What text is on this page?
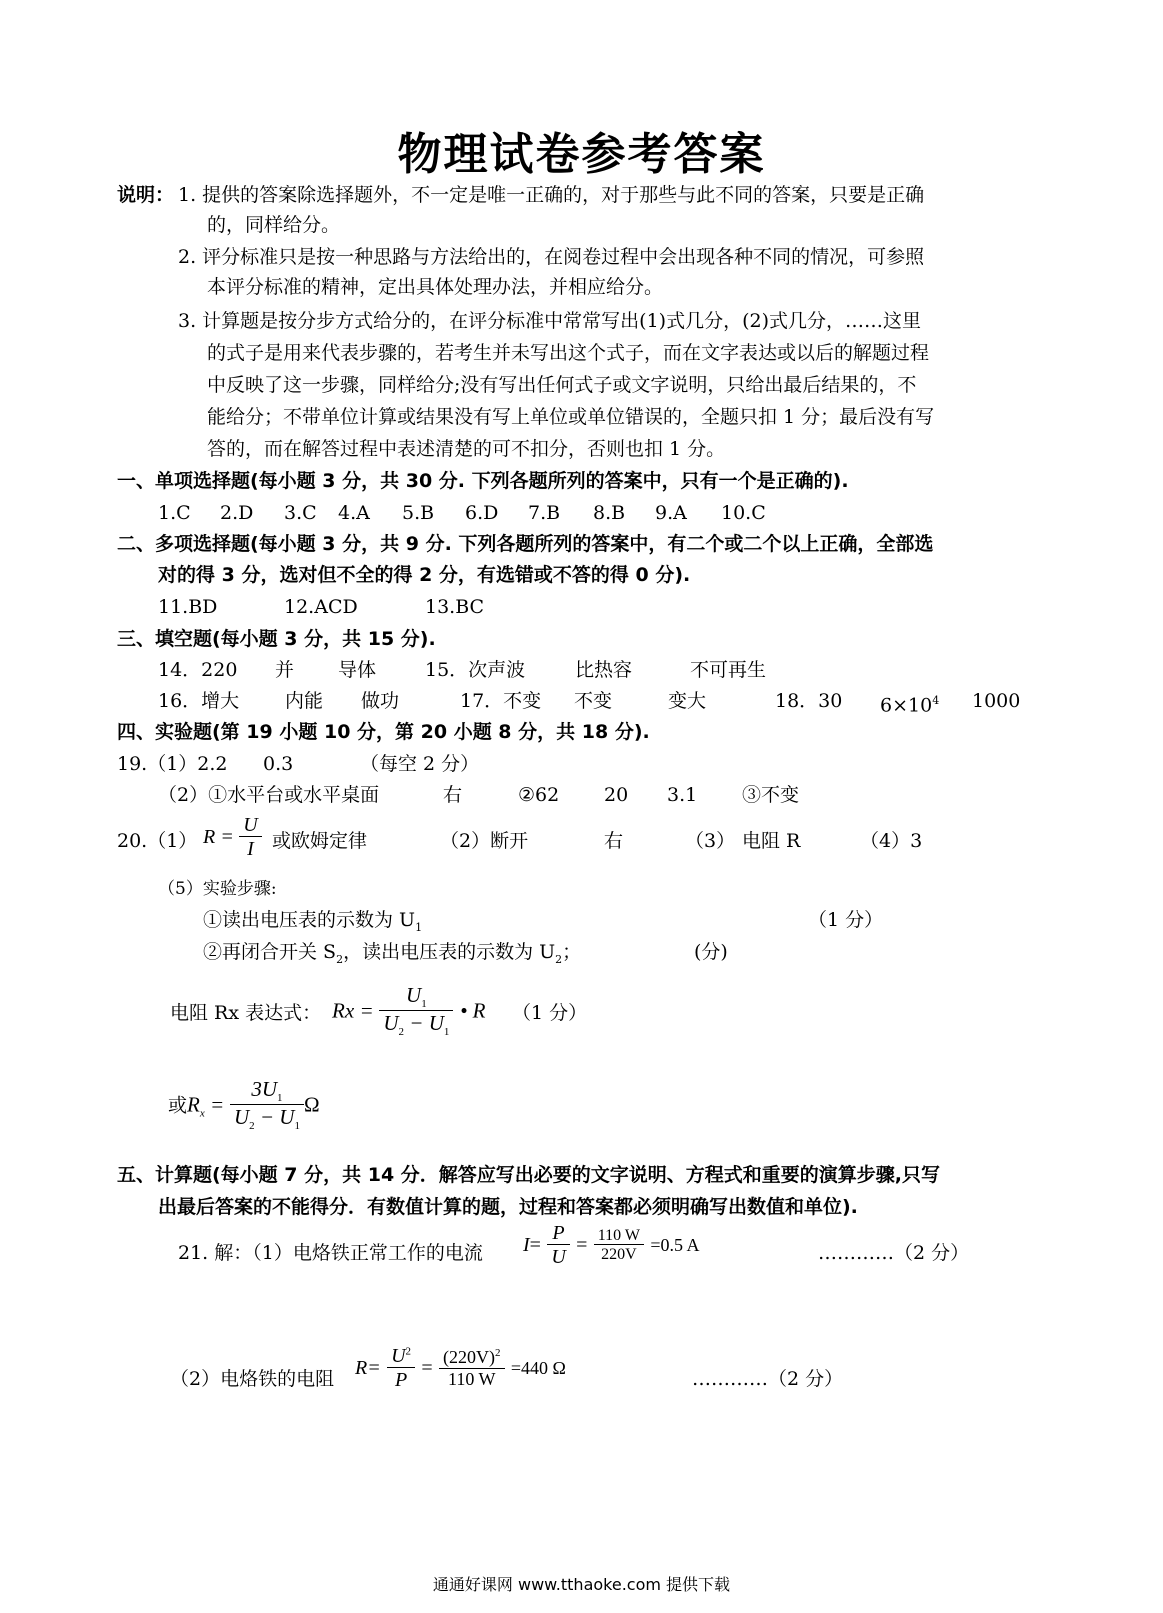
物理试卷参考答案
说明： 1. 提供的答案除选择题外，不一定是唯一正确的，对于那些与此不同的答案，只要是正确
的，同样给分。
2. 评分标准只是按一种思路与方法给出的，在阅卷过程中会出现各种不同的情况，可参照
本评分标准的精神，定出具体处理办法，并相应给分。
3. 计算题是按分步方式给分的，在评分标准中常常写出(1)式几分，(2)式几分，……这里
的式子是用来代表步骤的，若考生并未写出这个式子，而在文字表达或以后的解题过程
中反映了这一步骤，同样给分;没有写出任何式子或文字说明，只给出最后结果的，不
能给分；不带单位计算或结果没有写上单位或单位错误的，全题只扣 1 分；最后没有写
答的，而在解答过程中表述清楚的可不扣分，否则也扣 1 分。
一、单项选择题(每小题 3 分，共 30 分. 下列各题所列的答案中，只有一个是正确的).
1.C 2.D 3.C 4.A 5.B 6.D 7.B 8.B 9.A 10.C
二、多项选择题(每小题 3 分，共 9 分. 下列各题所列的答案中，有二个或二个以上正确，全部选
对的得 3 分，选对但不全的得 2 分，有选错或不答的得 0 分).
11.BD	12.ACD	13.BC
三、填空题(每小题 3 分，共 15 分).
14．220 并 导体	15．次声波	比热容	不可再生
16．增大 内能 做功	17．不变 不变	变大	18．30 $6\times 10^4$ 1000
四、实验题(第 19 小题 10 分，第 20 小题 8 分，共 18 分).
19.（1）2.2 0.3	（每空 2 分）
（2）①水平台或水平桌面	右	②62 20 3.1 ③不变
20.（1） $R = \frac{U}{I}$ 或欧姆定律	（2）断开	右	（3） 电阻 R	（4）3
（5）实验步骤:
①读出电压表的示数为 $U_1$	（1 分）
②再闭合开关 $S_2$，读出电压表的示数为 $U_2$；	(分)
电阻 Rx 表达式： $Rx = \frac{U_1}{U_2 - U_1}$ • R （1 分）
或$R_x = \frac{3U_1}{U_2 - U_1}$ Ω
五、计算题(每小题 7 分，共 14 分．解答应写出必要的文字说明、方程式和重要的演算步骤,只写
出最后答案的不能得分．有数值计算的题，过程和答案都必须明确写出数值和单位).
21. 解：（1）电烙铁正常工作的电流 $I= \frac{P}{U} = \frac{110 W}{220V} =0.5$ A	…………（2 分）
（2）电烙铁的电阻 $R= \frac{U^2}{P} = \frac{(220V)^2}{110 W} =440$ Ω	…………（2 分）
通通好课网 www.tthaoke.com 提供下载
